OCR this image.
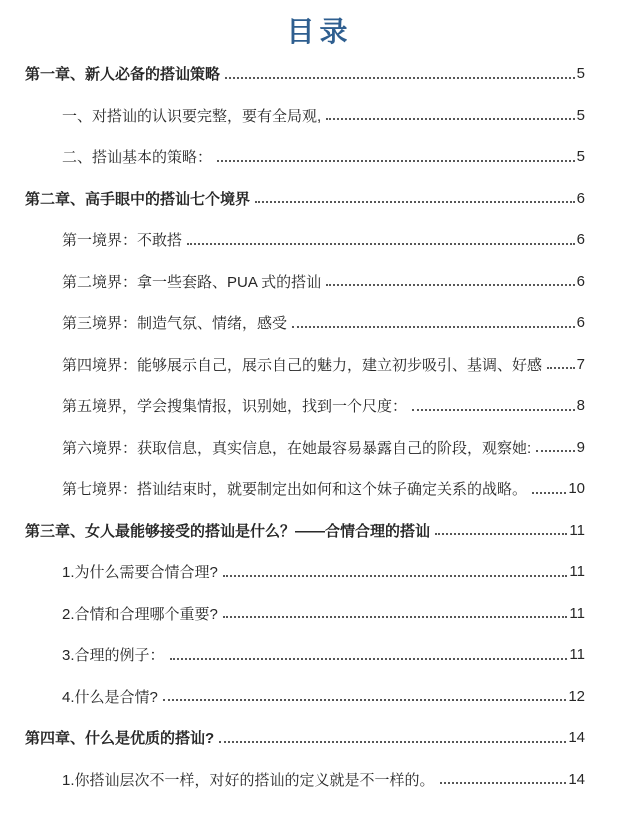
目录
第一章、新人必备的搭讪策略	5
一、对搭讪的认识要完整，要有全局观,	5
二、搭讪基本的策略：	5
第二章、高手眼中的搭讪七个境界	6
第一境界：不敢搭	6
第二境界：拿一些套路、PUA 式的搭讪	6
第三境界：制造气氛、情绪，感受	6
第四境界：能够展示自己，展示自己的魅力，建立初步吸引、基调、好感 7
第五境界，学会搜集情报，识别她，找到一个尺度：	8
第六境界：获取信息，真实信息，在她最容易暴露自己的阶段，观察她:	9
第七境界：搭讪结束时，就要制定出如何和这个妹子确定关系的战略。	10
第三章、女人最能够接受的搭讪是什么？——合情合理的搭讪	11
1.为什么需要合情合理?	11
2.合情和合理哪个重要?	11
3.合理的例子：	11
4.什么是合情?	12
第四章、什么是优质的搭讪?	14
1.你搭讪层次不一样，对好的搭讪的定义就是不一样的。	14
